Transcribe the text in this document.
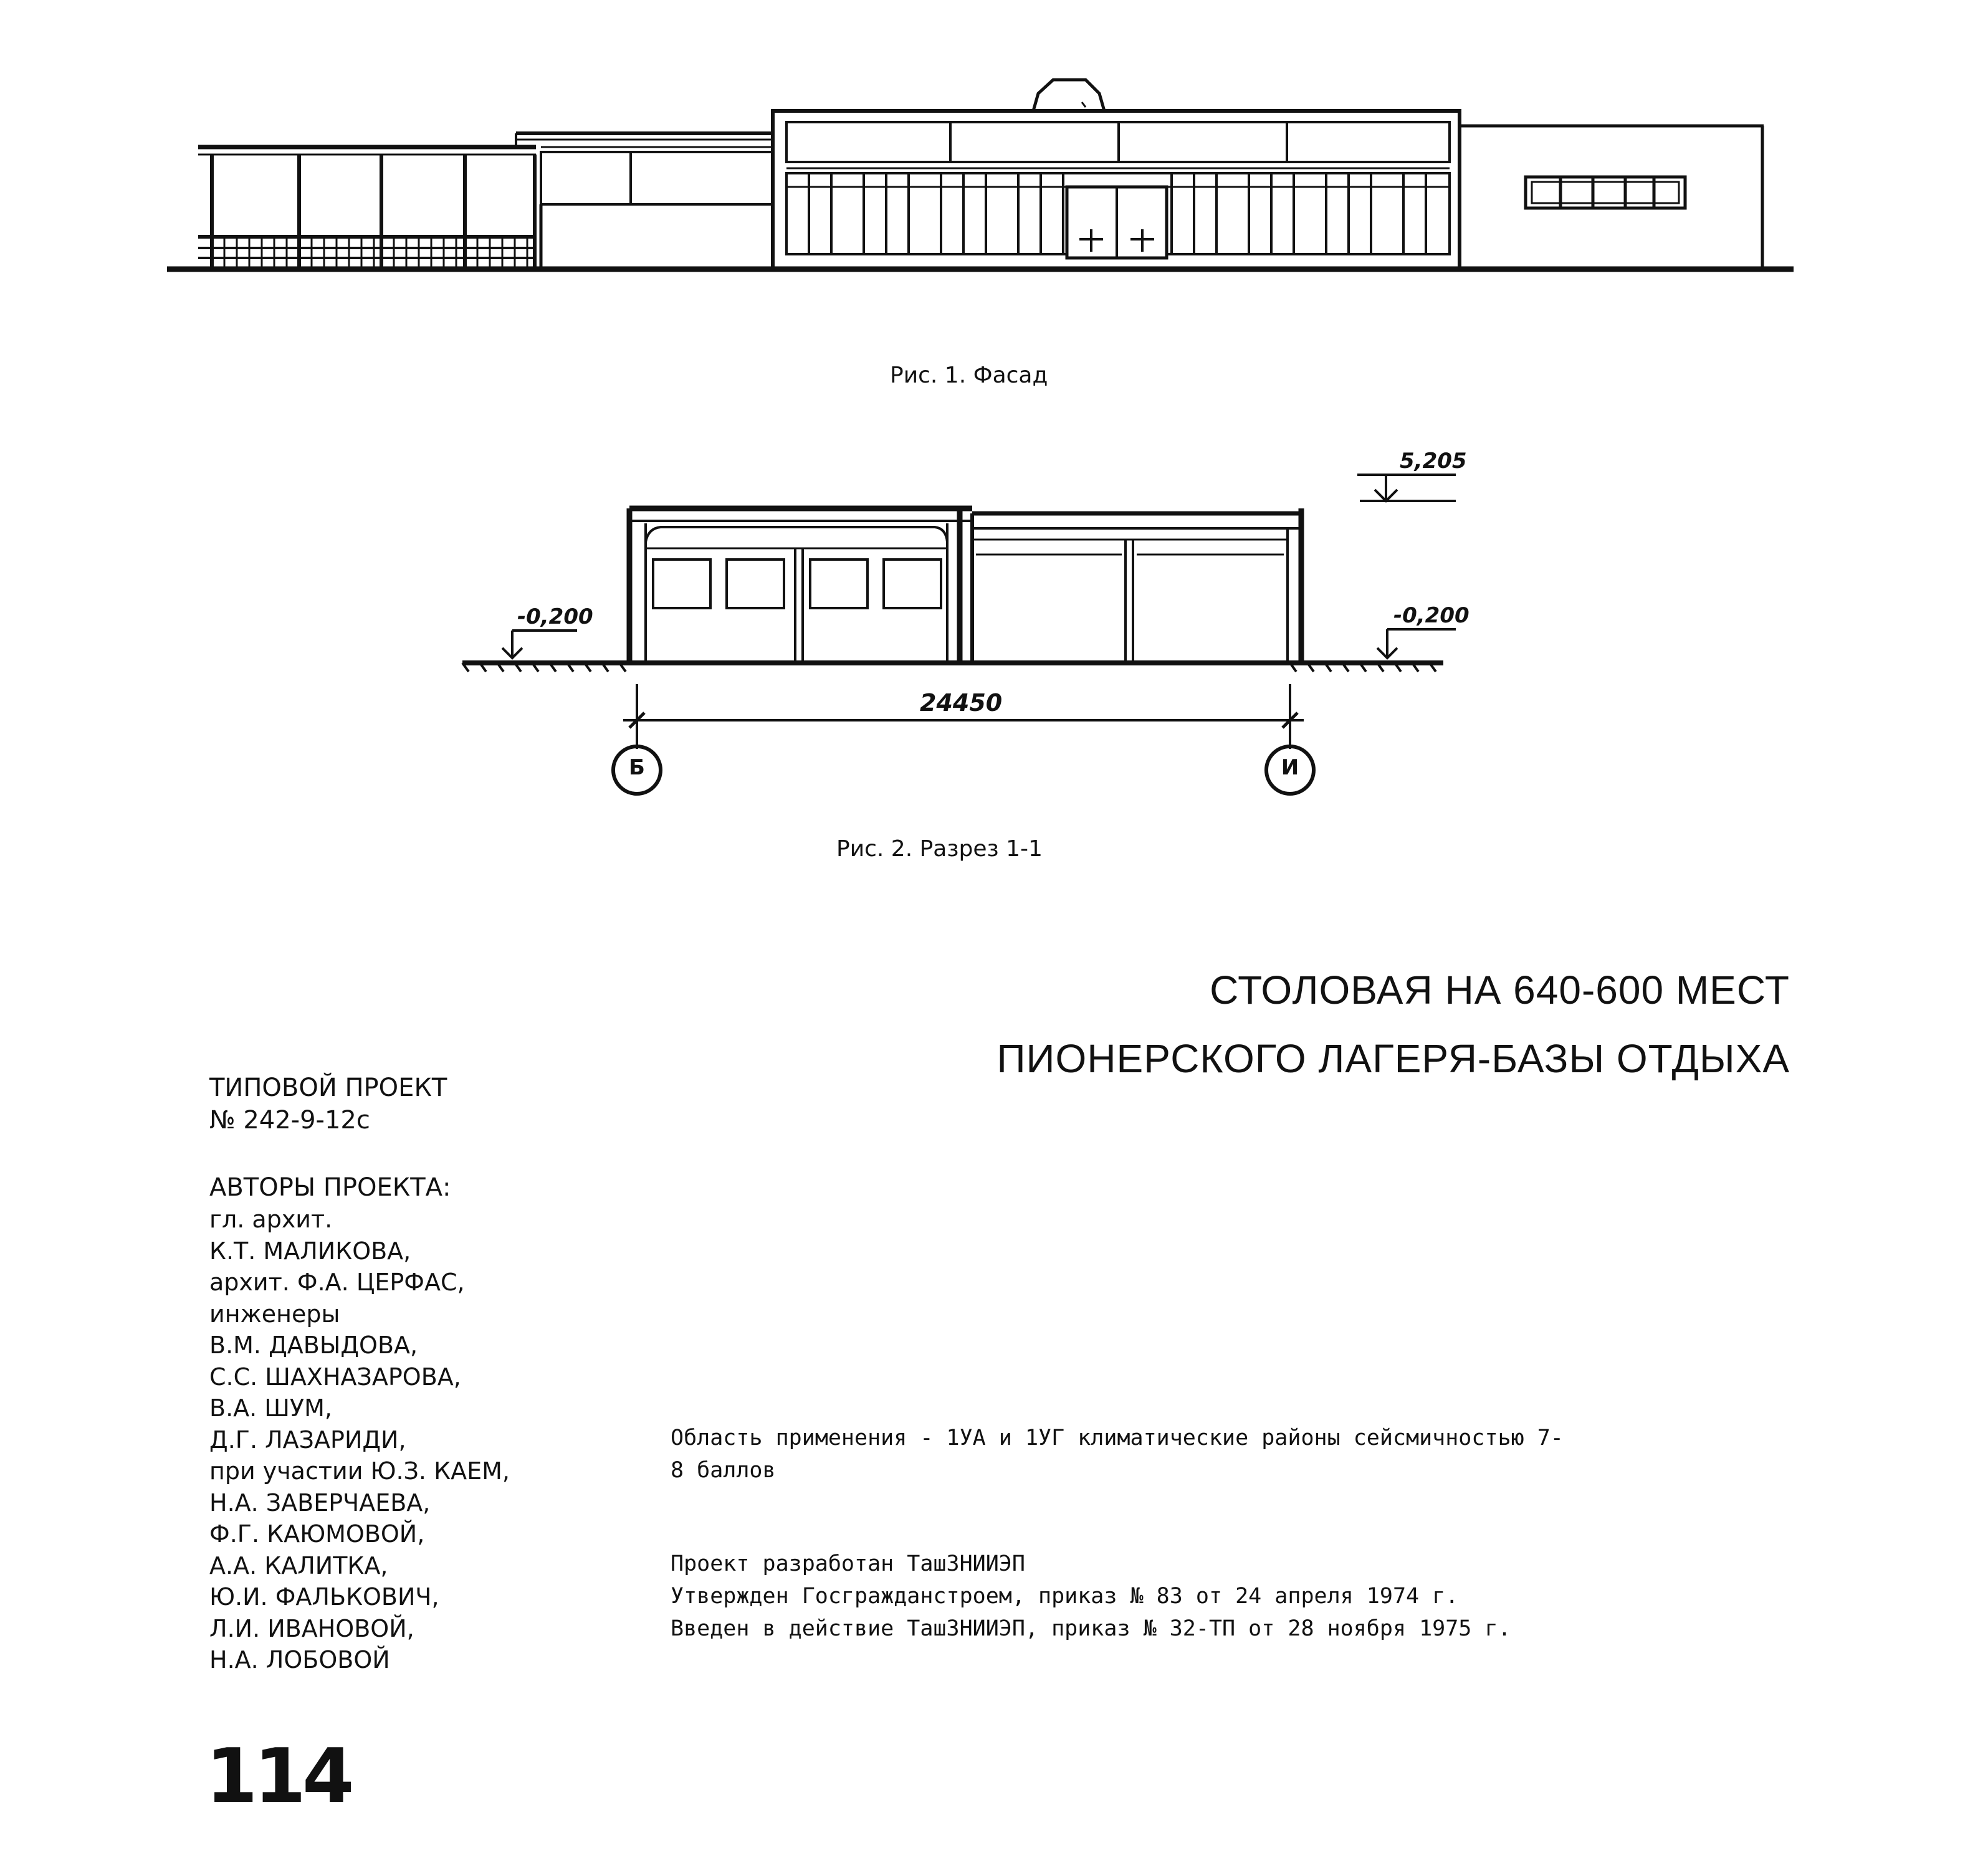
Рис. 1. Фасад
5,205
-0,200	-0,200
24450
Б	И
Рис. 2. Разрез 1-1
СТОЛОВАЯ НА 640-600 МЕСТ
ПИОНЕРСКОГО ЛАГЕРЯ-БАЗЫ ОТДЫХА
ТИПОВОЙ ПРОЕКТ
№ 242-9-12с
АВТОРЫ ПРОЕКТА:
гл. архит.
К.Т. МАЛИКОВА,
архит. Ф.А. ЦЕРФАС,
инженеры
В.М. ДАВЫДОВА,
С.С. ШАХНАЗАРОВА,
В.А. ШУМ,
Д.Г. ЛАЗАРИДИ,
при участии Ю.З. КАЕМ,
Н.А. ЗАВЕРЧАЕВА,
Ф.Г. КАЮМОВОЙ,
А.А. КАЛИТКА,
Ю.И. ФАЛЬКОВИЧ,
Л.И. ИВАНОВОЙ,
Н.А. ЛОБОВОЙ

Область применения - 1УА и 1УГ климатические районы сейсмичностью 7-8 баллов

Проект разработан ТашЗНИИЭП

Утвержден Госгражданстроем, приказ № 83 от 24 апреля 1974 г.

Введен в действие ТашЗНИИЭП, приказ № 32-ТП от 28 ноября 1975 г.

114
